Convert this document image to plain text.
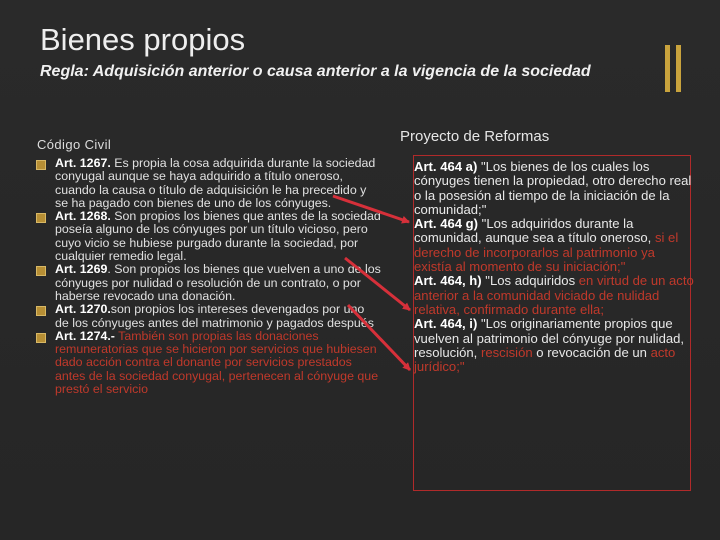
Bienes propios
Regla: Adquisición anterior o causa anterior a la vigencia de la sociedad
Código Civil	Proyecto de Reformas
Art. 1267. Es propia la cosa adquirida durante la sociedad conyugal aunque se haya adquirido a título oneroso, cuando la causa o título de adquisición le ha precedido y se ha pagado con bienes de uno de los cónyuges.
Art. 1268. Son propios los bienes que antes de la sociedad poseía alguno de los cónyuges por un título vicioso, pero cuyo vicio se hubiese purgado durante la sociedad, por cualquier remedio legal.
Art. 1269. Son propios los bienes que vuelven a uno de los cónyuges por nulidad o resolución de un contrato, o por haberse revocado una donación.
Art. 1270.son propios los intereses devengados por uno de los cónyuges antes del matrimonio y pagados después
Art. 1274.- También son propias las donaciones remuneratorias que se hicieron por servicios que hubiesen dado acción contra el donante por servicios prestados antes de la sociedad conyugal, pertenecen al cónyuge que prestó el servicio

Art. 464 a) "Los bienes de los cuales los cónyuges tienen la propiedad, otro derecho real o la posesión al tiempo de la iniciación de la comunidad;"

Art. 464 g) "Los adquiridos durante la comunidad, aunque sea a título oneroso, si el derecho de incorporarlos al patrimonio ya existía al momento de su iniciación;"

Art. 464, h) "Los adquiridos en virtud de un acto anterior a la comunidad viciado de nulidad relativa, confirmado durante ella;

Art. 464, i) "Los originariamente propios que vuelven al patrimonio del cónyuge por nulidad, resolución, rescisión o revocación de un acto jurídico;"
